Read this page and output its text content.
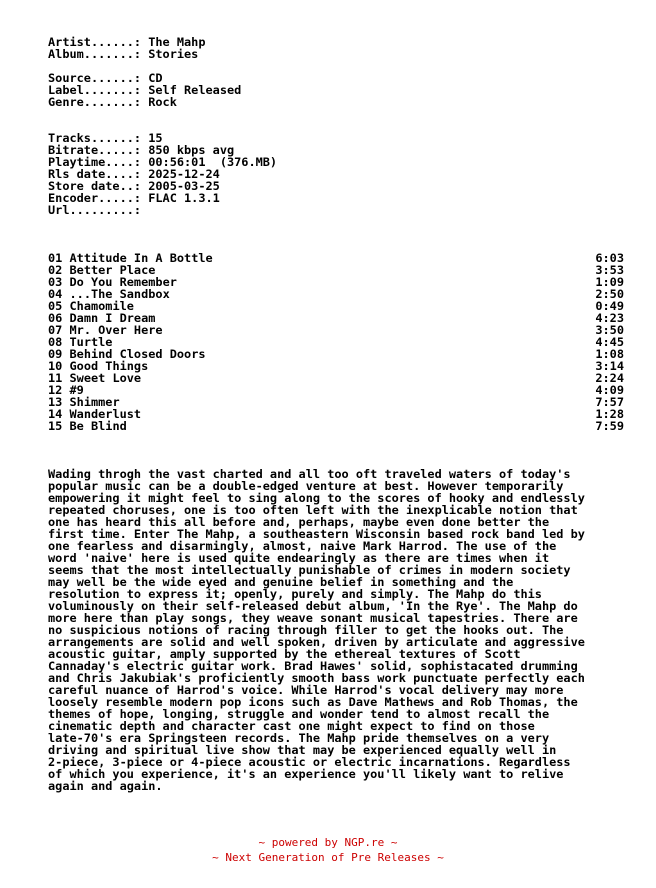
Artist......: The Mahp
Album.......: Stories
Source......: CD
Label.......: Self Released
Genre.......: Rock
Tracks......: 15
Bitrate.....: 850 kbps avg
Playtime....: 00:56:01  (376.MB)
Rls date....: 2025-12-24
Store date..: 2005-03-25
Encoder.....: FLAC 1.3.1
Url.........:
01 Attitude In A Bottle	6:03
02 Better Place	3:53
03 Do You Remember	1:09
04 ...The Sandbox	2:50
05 Chamomile	0:49
06 Damn I Dream	4:23
07 Mr. Over Here	3:50
08 Turtle	4:45
09 Behind Closed Doors	1:08
10 Good Things	3:14
11 Sweet Love	2:24
12 #9	4:09
13 Shimmer	7:57
14 Wanderlust	1:28
15 Be Blind	7:59
Wading throgh the vast charted and all too oft traveled waters of today's
popular music can be a double-edged venture at best. However temporarily
empowering it might feel to sing along to the scores of hooky and endlessly
repeated choruses, one is too often left with the inexplicable notion that
one has heard this all before and, perhaps, maybe even done better the
first time. Enter The Mahp, a southeastern Wisconsin based rock band led by
one fearless and disarmingly, almost, naive Mark Harrod. The use of the
word 'naive' here is used quite endearingly as there are times when it
seems that the most intellectually punishable of crimes in modern society
may well be the wide eyed and genuine belief in something and the
resolution to express it; openly, purely and simply. The Mahp do this
voluminously on their self-released debut album, 'In the Rye'. The Mahp do
more here than play songs, they weave sonant musical tapestries. There are
no suspicious notions of racing through filler to get the hooks out. The
arrangements are solid and well spoken, driven by articulate and aggressive
acoustic guitar, amply supported by the ethereal textures of Scott
Cannaday's electric guitar work. Brad Hawes' solid, sophistacated drumming
and Chris Jakubiak's proficiently smooth bass work punctuate perfectly each
careful nuance of Harrod's voice. While Harrod's vocal delivery may more
loosely resemble modern pop icons such as Dave Mathews and Rob Thomas, the
themes of hope, longing, struggle and wonder tend to almost recall the
cinematic depth and character cast one might expect to find on those
late-70's era Springsteen records. The Mahp pride themselves on a very
driving and spiritual live show that may be experienced equally well in
2-piece, 3-piece or 4-piece acoustic or electric incarnations. Regardless
of which you experience, it's an experience you'll likely want to relive
again and again.
~ powered by NGP.re ~
~ Next Generation of Pre Releases ~
